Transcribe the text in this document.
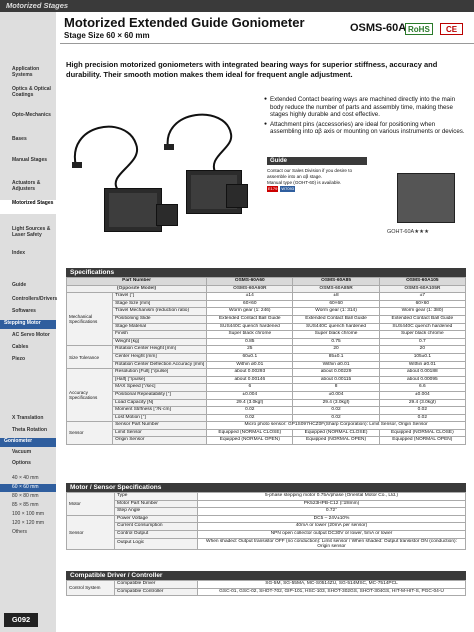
Motorized Stages
Application Systems
Optics & Optical Coatings
Opto-Mechanics
Bases
Manual Stages
Actuators & Adjusters
Motorized Stages
Light Sources & Laser Safety
Index
Guide
Controllers/Drivers
Softwares
Stepping Motor
AC Servo Motor
Cables
Piezo
X Translation
Theta Rotation
Goniometer
Vacuum
Options
40 × 40 mm
60 × 60 mm
80 × 80 mm
85 × 85 mm
100 × 100 mm
120 × 120 mm
Others
Motorized Extended Guide Goniometer
Stage Size 60 × 60 mm
OSMS-60A RoHS	CE
High precision motorized goniometers with integrated bearing ways for superior stiffness, accuracy and durability. Their smooth motion makes them ideal for frequent angle adjustment.
● Extended Contact bearing ways are machined directly into the main body reduce the number of parts and assembly time, making these stages highly durable and cost effective.
● Attachment pins (accessories) are ideal for positioning when assembling into αβ axis or mounting on various instruments or devices.
Guide
Contact our Sales Division if you desire to assemble into an αβ stage.
Manual type (GOHT-60) is available.
E179 W7093
GOHT-60A★★★
Specifications
Part Number		OSMS-60A60	OSMS-60A85	OSMS-60A105
(Opposite Model)		OSMS-60A60R	OSMS-60A85R	OSMS-60A105R
Mechanical Specifications	Travel [°]	±14	±8	±7
	Stage Size [mm]	60×60	60×60	60×60
	Travel Mechanism (reduction ratio)	Worm gear (1: 246)	Worm gear (1: 314)	Worm gear (1: 380)
	Positioning Slide	Extended Contact Ball Guide	Extended Contact Ball Guide	Extended Contact Ball Guide
	Stage Material	SUS440C quench hardened	SUS440C quench hardened	SUS440C quench hardened
	Finish	Super black chrome	Super black chrome	Super black chrome
	Weight [kg]	0.85	0.75	0.7
Size Tolerance	Rotation Center Height [mm]	25	20	20
	Center Height [mm]	60±0.1	85±0.1	105±0.1
	Rotation Center Deflection Accuracy [mm]	Within ø0.01	Within ø0.01	Within ø0.01
Accuracy Specifications	Resolution [Full] [°/pulse]	about 0.00293	about 0.00229	about 0.00188
	[Half] [°/pulse]	about 0.00146	about 0.00115	about 0.00095
	MAX Speed [°/sec]	6	8	6.6
	Positional Repeatability [°]	±0.004	±0.004	±0.004
	Load Capacity [N]	29.4 (3.0kgf)	29.4 (3.0kgf)	29.4 (3.0kgf)
	Moment Stiffness [°/N·cm]	0.02	0.02	0.02
	Lost Motion [°]	0.02	0.02	0.02
Sensor	Sensor Part Number	Micro photo sensor: GP1S097HCZ0F(Sharp Corporation): Limit Sensor, Origin Sensor		
	Limit Sensor	Equipped (NORMAL CLOSE)	Equipped (NORMAL CLOSE)	Equipped (NORMAL CLOSE)
	Origin Sensor	Equipped (NORMAL OPEN)	Equipped (NORMAL OPEN)	Equipped (NORMAL OPEN)
Motor / Sensor Specifications
Motor	Type	5-phase stepping motor 0.75A/phase (Oriental Motor Co., Ltd.)
	Motor Part Number	PK523HPB-C12 (□28mm)
	Step Angle	0.72°
Sensor	Power Voltage	DC5 – 24V±10%
	Current Consumption	40mA or lower (20mA per sensor)
	Control Output	NPN open collector output DC30V or lower, 5mA or lower
	Output Logic	When shaded: Output transistor OFF (no conduction): Limit sensor / When shaded: Output transistor ON (conduction): Origin sensor
Compatible Driver / Controller
Control System	Compatible Driver	SG-5M, SG-55MA, MC-S0514ZU, SG-514MSC, MC-7514PCL
	Compatible Controller	GSC-01, GSC-02, SHOT-702, GIP-101, HSC-103, SHOT-302GS, SHOT-304GS, HIT-M-HIT-S, PGC-04-U
G092
